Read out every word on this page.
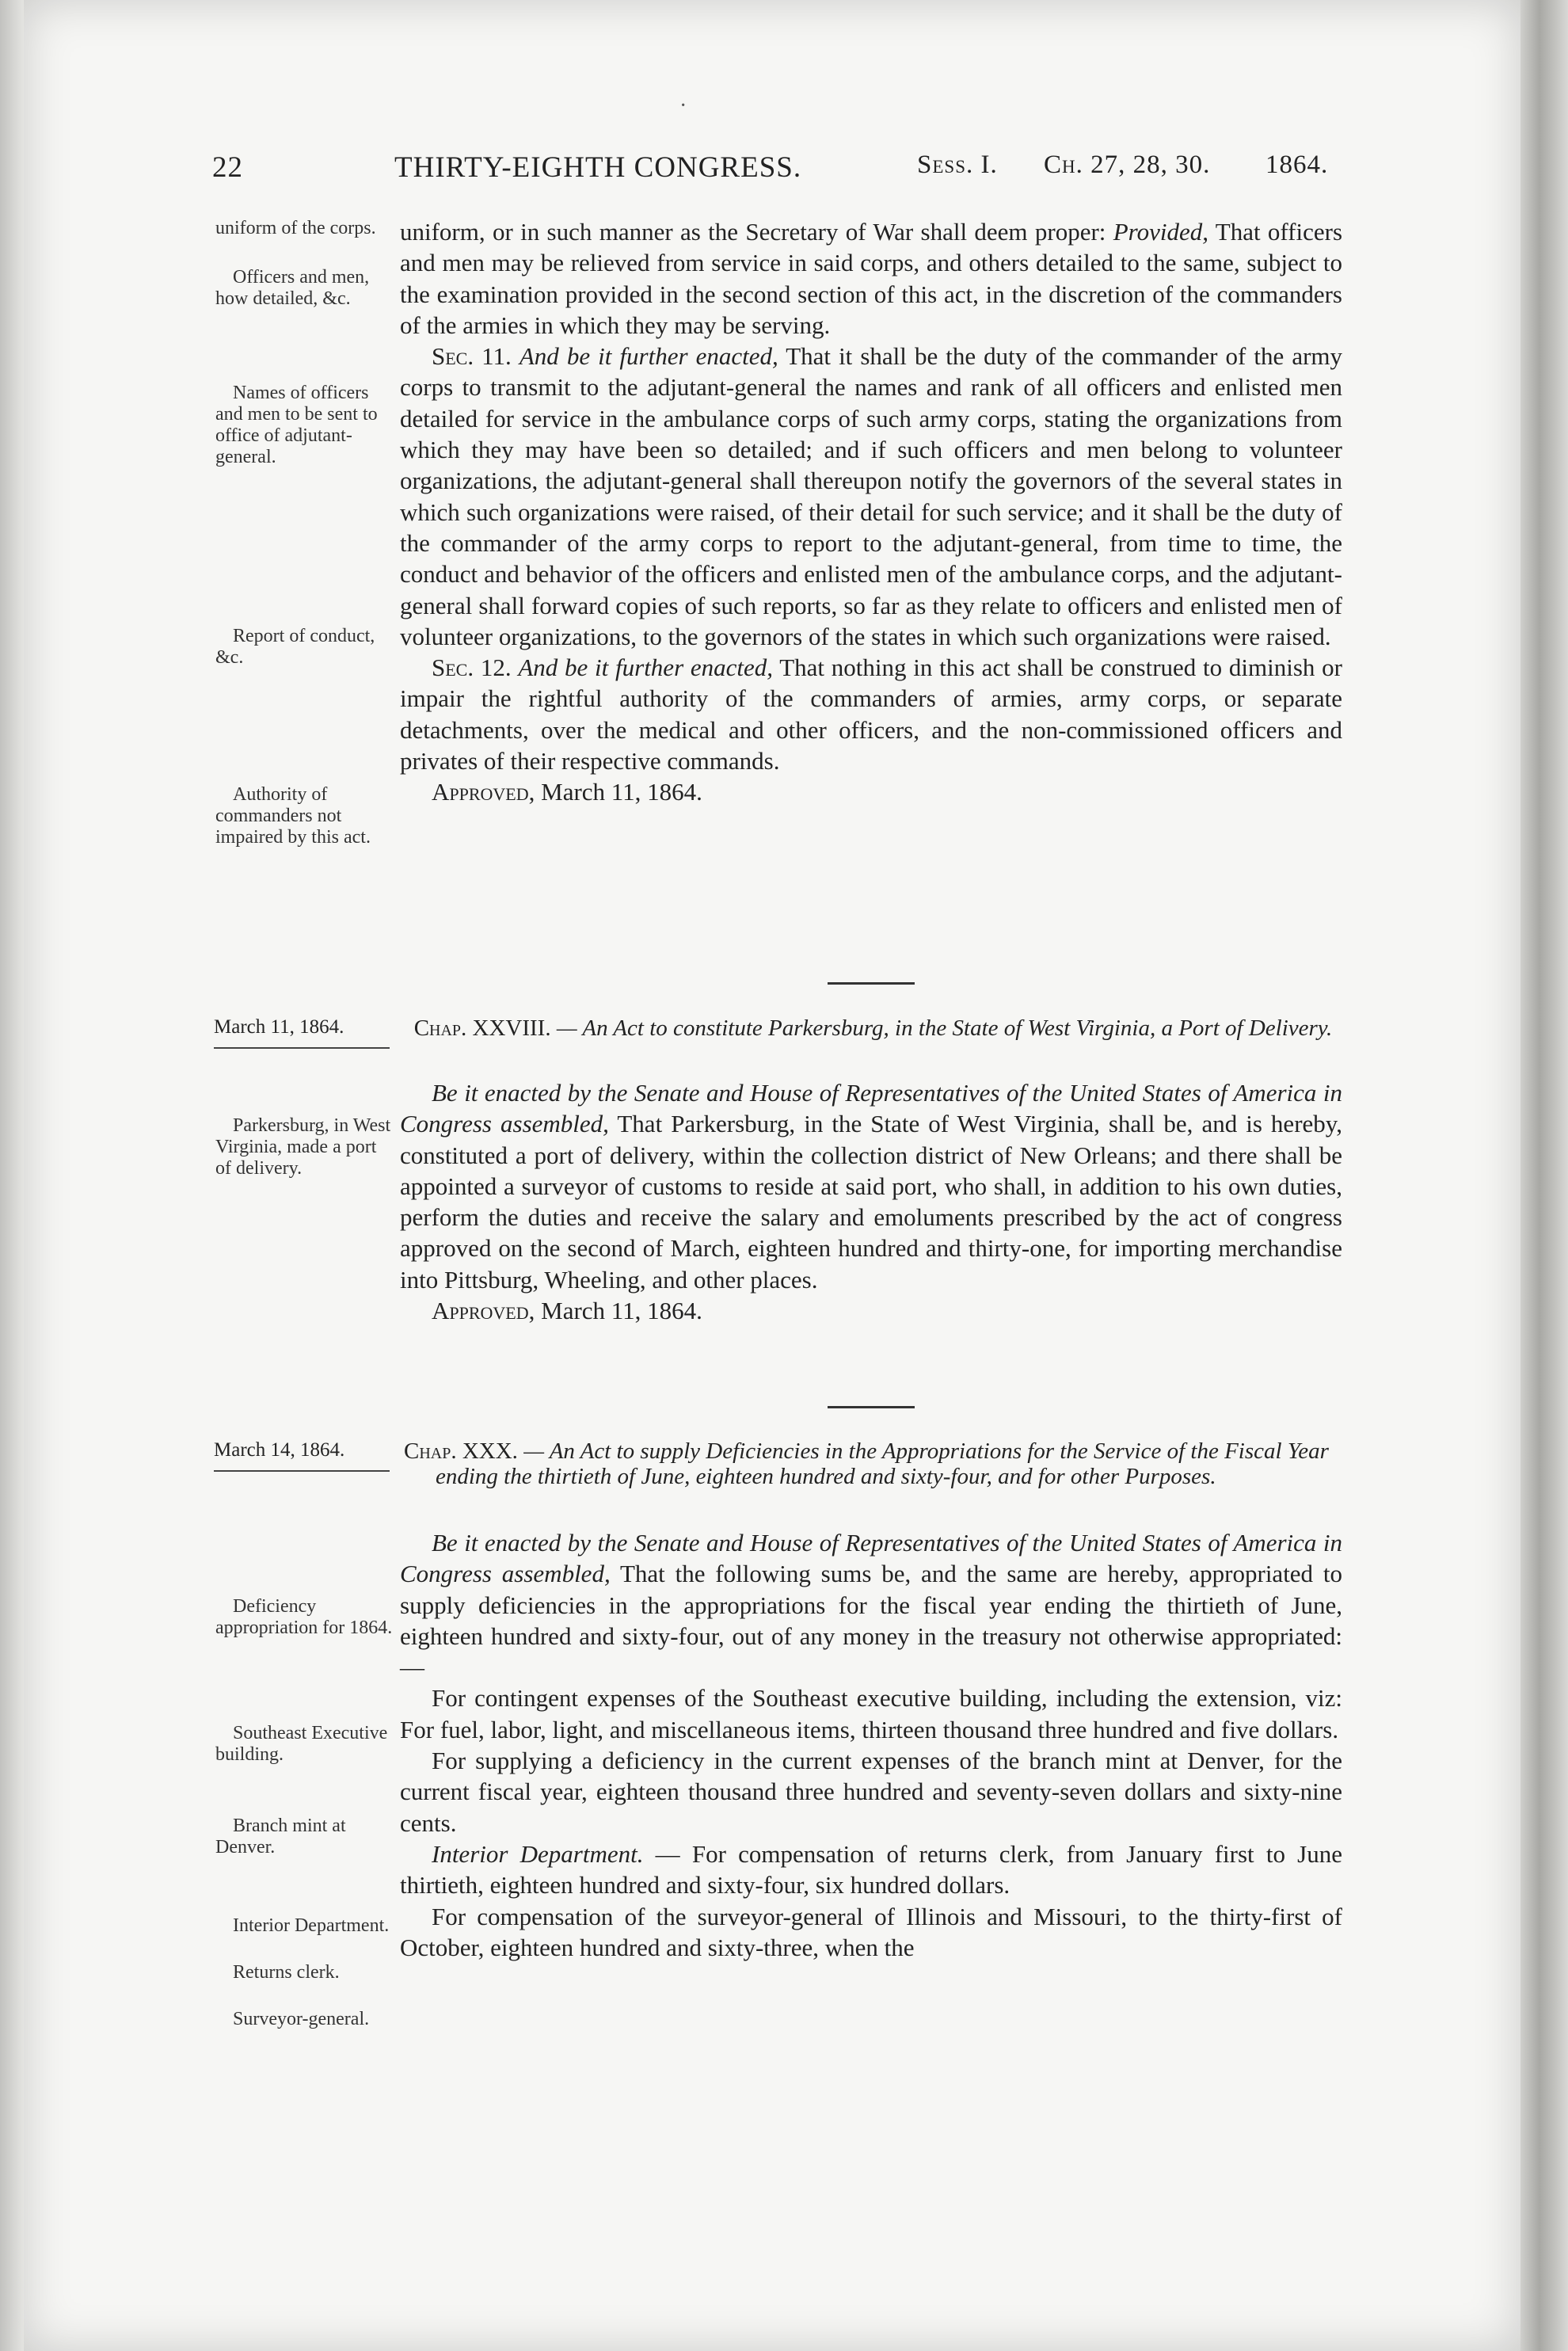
·
22	THIRTY-EIGHTH CONGRESS.	Sess. I. Ch. 27, 28, 30. 1864.
uniform of the corps.
Officers and men, how detailed, &c.
Names of officers and men to be sent to office of adjutant-general.
Report of conduct, &c.
Authority of commanders not impaired by this act.
Parkersburg, in West Virginia, made a port of delivery.
Deficiency appropriation for 1864.
Southeast Executive building.
Branch mint at Denver.
Interior Department.
Returns clerk.
Surveyor-general.

uniform, or in such manner as the Secretary of War shall deem proper: Provided, That officers and men may be relieved from service in said corps, and others detailed to the same, subject to the examination provided in the second section of this act, in the discretion of the commanders of the armies in which they may be serving.

Sec. 11. And be it further enacted, That it shall be the duty of the commander of the army corps to transmit to the adjutant-general the names and rank of all officers and enlisted men detailed for service in the ambulance corps of such army corps, stating the organizations from which they may have been so detailed; and if such officers and men belong to volunteer organizations, the adjutant-general shall thereupon notify the governors of the several states in which such organizations were raised, of their detail for such service; and it shall be the duty of the commander of the army corps to report to the adjutant-general, from time to time, the conduct and behavior of the officers and enlisted men of the ambulance corps, and the adjutant-general shall forward copies of such reports, so far as they relate to officers and enlisted men of volunteer organizations, to the governors of the states in which such organizations were raised.

Sec. 12. And be it further enacted, That nothing in this act shall be construed to diminish or impair the rightful authority of the commanders of armies, army corps, or separate detachments, over the medical and other officers, and the non-commissioned officers and privates of their respective commands.

Approved, March 11, 1864.

March 11, 1864.	Chap. XXVIII. — An Act to constitute Parkersburg, in the State of West Virginia, a Port of Delivery.

Be it enacted by the Senate and House of Representatives of the United States of America in Congress assembled, That Parkersburg, in the State of West Virginia, shall be, and is hereby, constituted a port of delivery, within the collection district of New Orleans; and there shall be appointed a surveyor of customs to reside at said port, who shall, in addition to his own duties, perform the duties and receive the salary and emoluments prescribed by the act of congress approved on the second of March, eighteen hundred and thirty-one, for importing merchandise into Pittsburg, Wheeling, and other places.

Approved, March 11, 1864.

March 14, 1864.	Chap. XXX. — An Act to supply Deficiencies in the Appropriations for the Service of the Fiscal Year ending the thirtieth of June, eighteen hundred and sixty-four, and for other Purposes.

Be it enacted by the Senate and House of Representatives of the United States of America in Congress assembled, That the following sums be, and the same are hereby, appropriated to supply deficiencies in the appropriations for the fiscal year ending the thirtieth of June, eighteen hundred and sixty-four, out of any money in the treasury not otherwise appropriated: —

For contingent expenses of the Southeast executive building, including the extension, viz: For fuel, labor, light, and miscellaneous items, thirteen thousand three hundred and five dollars.

For supplying a deficiency in the current expenses of the branch mint at Denver, for the current fiscal year, eighteen thousand three hundred and seventy-seven dollars and sixty-nine cents.

Interior Department. — For compensation of returns clerk, from January first to June thirtieth, eighteen hundred and sixty-four, six hundred dollars.

For compensation of the surveyor-general of Illinois and Missouri, to the thirty-first of October, eighteen hundred and sixty-three, when the
